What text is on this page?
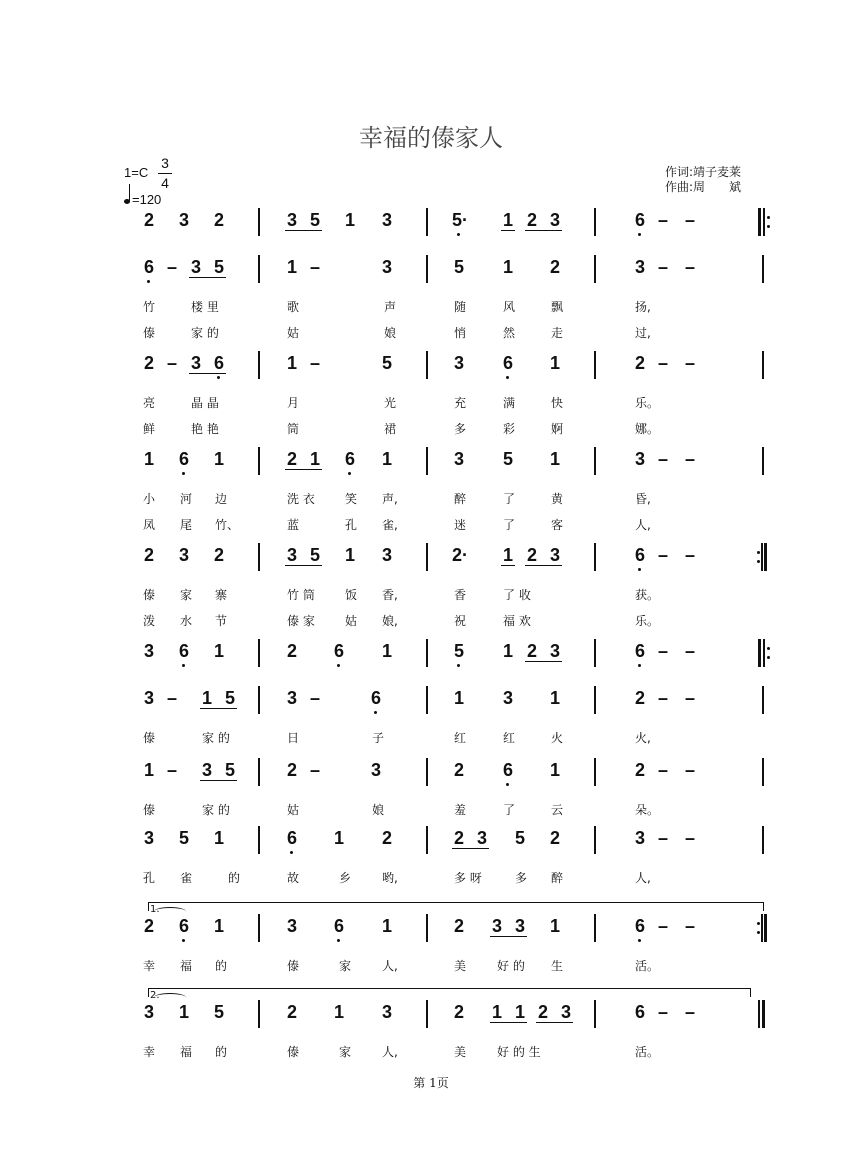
幸福的傣家人
1=C
3
4
=120
作词:靖子麦莱
作曲:周　　斌
2 3 2	3 5 1 3	5· 1 2 3	6 – –
6 – 3 5	1 –	3	5 1 2	3 – –
竹	楼 里	歌	声	随	风	飘	扬,
傣	家 的	姑	娘	悄	然	走	过,
2 – 3 6	1 –	5	3 6 1	2 – –
亮	晶 晶	月	光	充	满	快	乐。
鲜	艳 艳	筒	裙	多	彩	婀	娜。
1 6 1	2 1 6 1	3 5 1	3 – –
小 河 边	洗 衣	笑 声,	醉	了	黄	昏,
凤 尾 竹、	蓝	孔 雀,	迷	了	客	人,
2 3 2	3 5 1 3	2· 1 2 3	6 – –
傣 家 寨	竹 筒	饭 香,	香	了 收	获。
泼 水 节	傣 家	姑 娘,	祝	福 欢	乐。
3 6 1	2 6 1	5 1 2 3	6 – –
3 – 1 5	3 –	6	1 3 1	2 – –
傣	家 的	日	子	红	红	火	火,
1 – 3 5	2 –	3	2 6 1	2 – –
傣	家 的	姑	娘	羞	了	云	朵。
3 5 1	6 1 2	2 3 5 2	3 – –
孔 雀	的	故	乡	哟,	多 呀	多 醉	人,
1.
2 6 1	3 6 1	2 3 3 1	6 – –
幸 福 的	傣	家	人,	美	好 的 生	活。
2.
3 1 5	2 1 3	2 1 1 2 3	6 – –
幸 福 的	傣	家	人,	美	好 的 生	活。
第 1页
